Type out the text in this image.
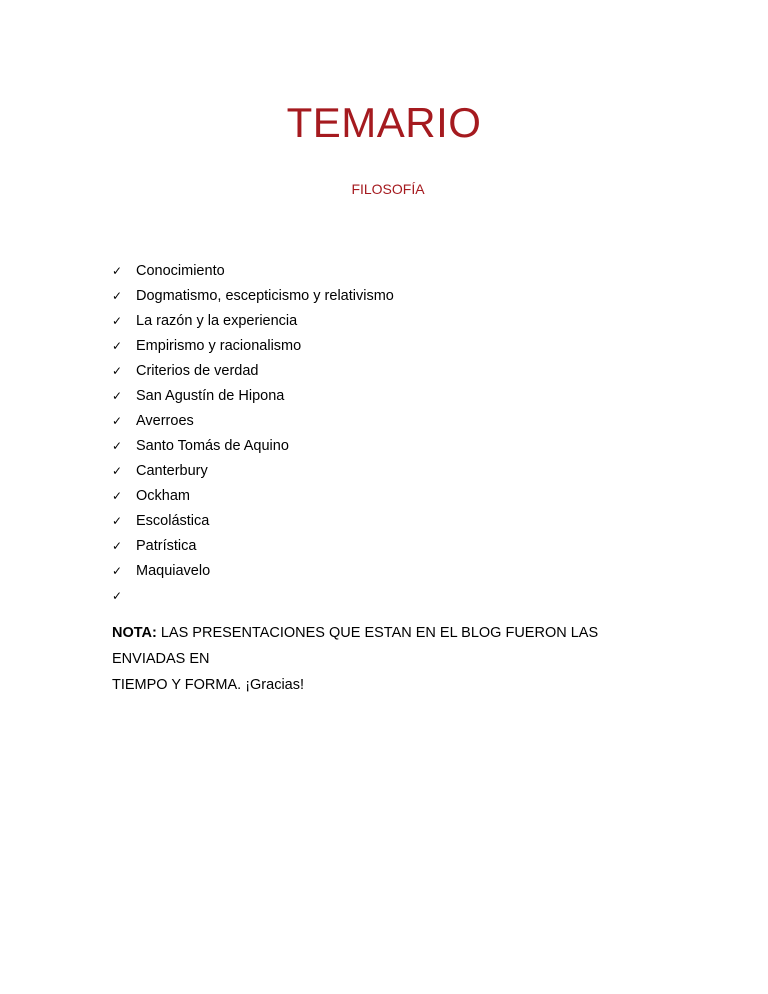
TEMARIO
FILOSOFÍA
✓ Conocimiento
✓ Dogmatismo, escepticismo y relativismo
✓ La razón y la experiencia
✓ Empirismo y racionalismo
✓ Criterios de verdad
✓ San Agustín de Hipona
✓ Averroes
✓ Santo Tomás de Aquino
✓ Canterbury
✓ Ockham
✓ Escolástica
✓ Patrística
✓ Maquiavelo
✓
NOTA: LAS PRESENTACIONES QUE ESTAN EN EL BLOG FUERON LAS ENVIADAS EN
TIEMPO Y FORMA. ¡Gracias!
